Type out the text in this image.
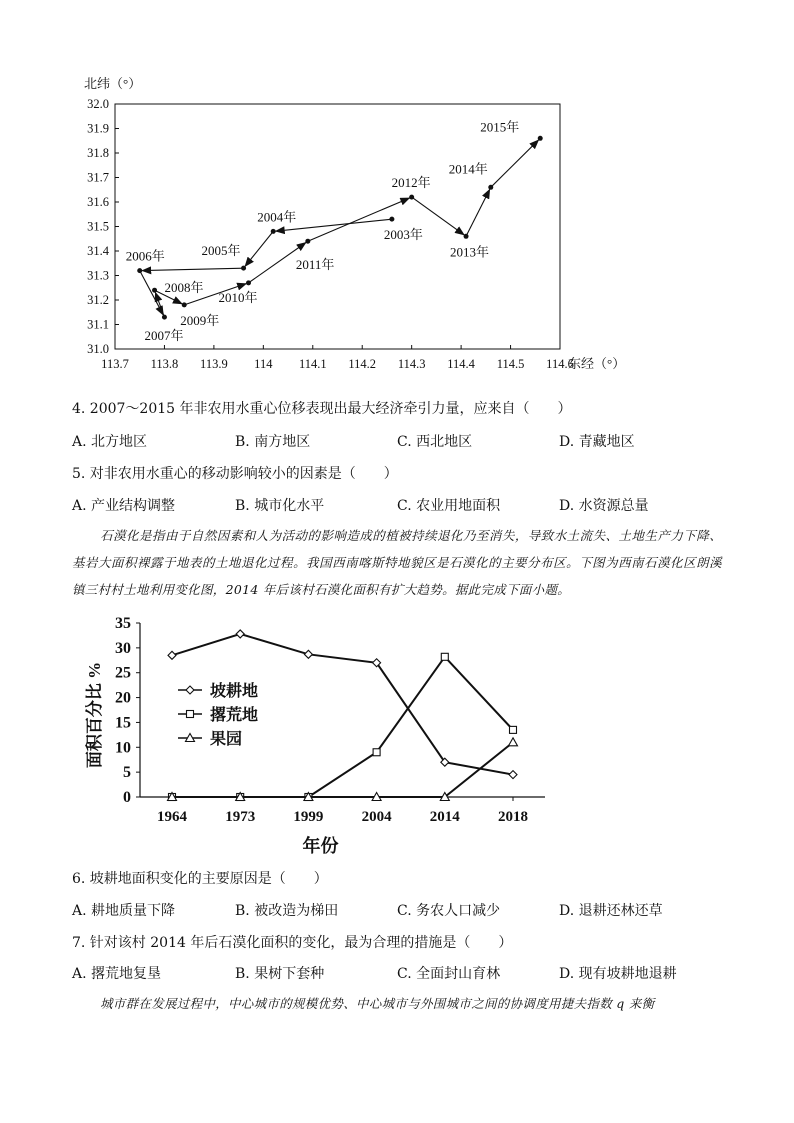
31.0
31.1
31.2
31.3
31.4
31.5
31.6
31.7
31.8
31.9
32.0
113.7 113.8 113.9 114 114.1 114.2 114.3 114.4 114.5 114.6
北纬（°）
东经（°）
2003年
2004年
2005年
2006年
2007年
2008年
2009年
2010年
2011年
2012年
2013年
2014年
2015年
4. 2007～2015 年非农用水重心位移表现出最大经济牵引力量，应来自（　　）
A. 北方地区	B. 南方地区	C. 西北地区	D. 青藏地区
5. 对非农用水重心的移动影响较小的因素是（　　）
A. 产业结构调整	B. 城市化水平	C. 农业用地面积	D. 水资源总量
石漠化是指由于自然因素和人为活动的影响造成的植被持续退化乃至消失，导致水土流失、土地生产力下降、基岩大面积裸露于地表的土地退化过程。我国西南喀斯特地貌区是石漠化的主要分布区。下图为西南石漠化区朗溪镇三村村土地利用变化图，2014 年后该村石漠化面积有扩大趋势。据此完成下面小题。
0
5
10
15
20
25
30
35
1964	1973	1999	2004	2014	2018
年份
面积百分比 %	坡耕地
撂荒地
果园
6. 坡耕地面积变化的主要原因是（　　）
A. 耕地质量下降	B. 被改造为梯田	C. 务农人口减少	D. 退耕还林还草
7. 针对该村 2014 年后石漠化面积的变化，最为合理的措施是（　　）
A. 撂荒地复垦	B. 果树下套种	C. 全面封山育林	D. 现有坡耕地退耕
城市群在发展过程中，中心城市的规模优势、中心城市与外围城市之间的协调度用捷夫指数 q 来衡
